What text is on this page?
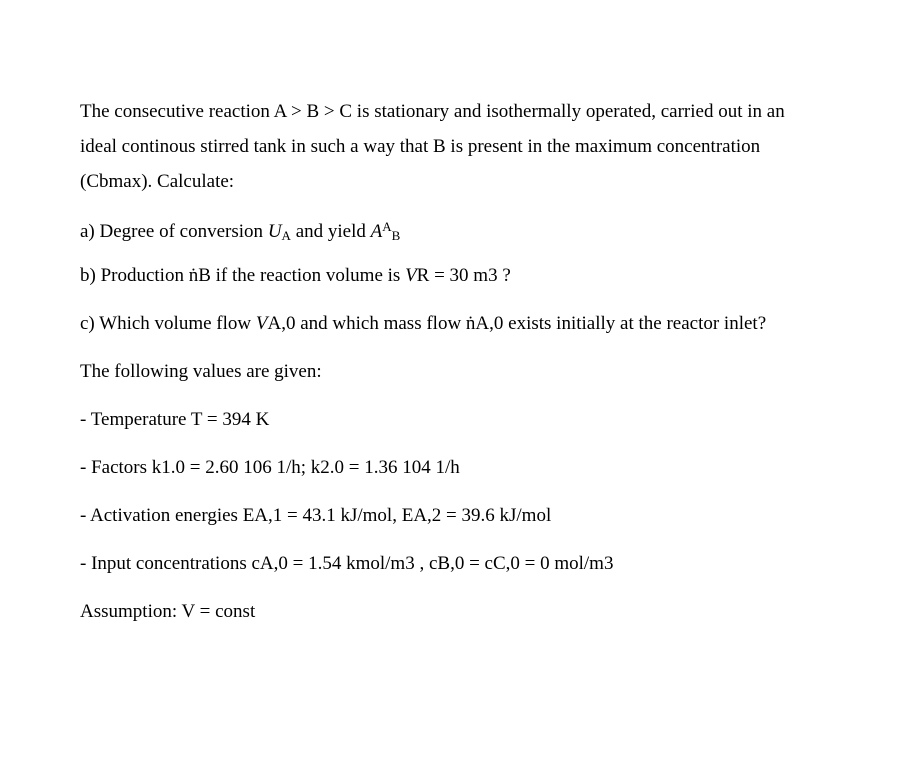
The consecutive reaction A > B > C is stationary and isothermally operated, carried out in an

ideal continous stirred tank in such a way that B is present in the maximum concentration

(Cbmax). Calculate:

a) Degree of conversion $U_A$ and yield $A^A_B$

b) Production ṅB if the reaction volume is VR = 30 m3 ?

c) Which volume flow VA,0 and which mass flow ṅA,0 exists initially at the reactor inlet?

The following values are given:

- Temperature T = 394 K

- Factors k1.0 = 2.60 106 1/h; k2.0 = 1.36 104 1/h

- Activation energies EA,1 = 43.1 kJ/mol, EA,2 = 39.6 kJ/mol

- Input concentrations cA,0 = 1.54 kmol/m3 , cB,0 = cC,0 = 0 mol/m3

Assumption: V = const
